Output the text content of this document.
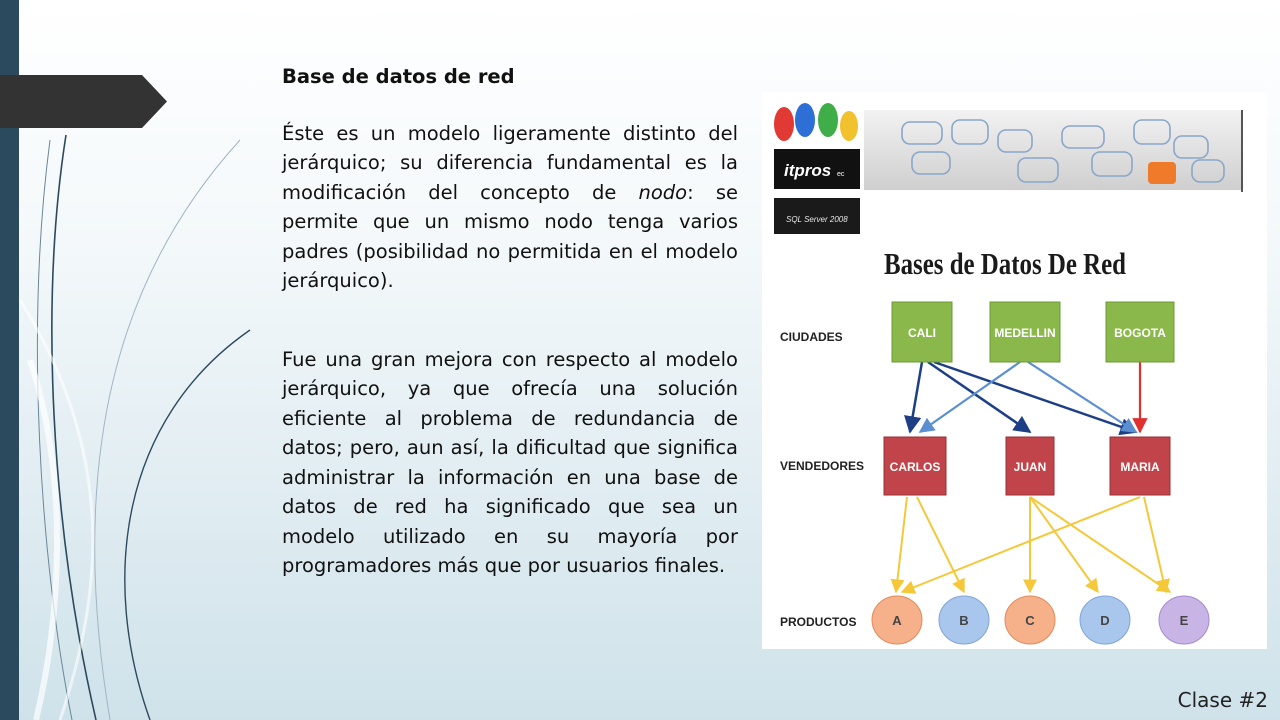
Base de datos de red

Éste es un modelo ligeramente distinto del jerárquico; su diferencia fundamental es la modificación del concepto de nodo: se permite que un mismo nodo tenga varios padres (posibilidad no permitida en el modelo jerárquico).

Fue una gran mejora con respecto al modelo jerárquico, ya que ofrecía una solución eficiente al problema de redundancia de datos; pero, aun así, la dificultad que significa administrar la información en una base de datos de red ha significado que sea un modelo utilizado en su mayoría por programadores más que por usuarios finales.

itpros ec
SQL Server 2008
Bases de Datos De Red
CIUDADES
VENDEDORES
PRODUCTOS
CALI	MEDELLIN	BOGOTA
CARLOS	JUAN	MARIA
A	B	C	D	E
Clase #2
